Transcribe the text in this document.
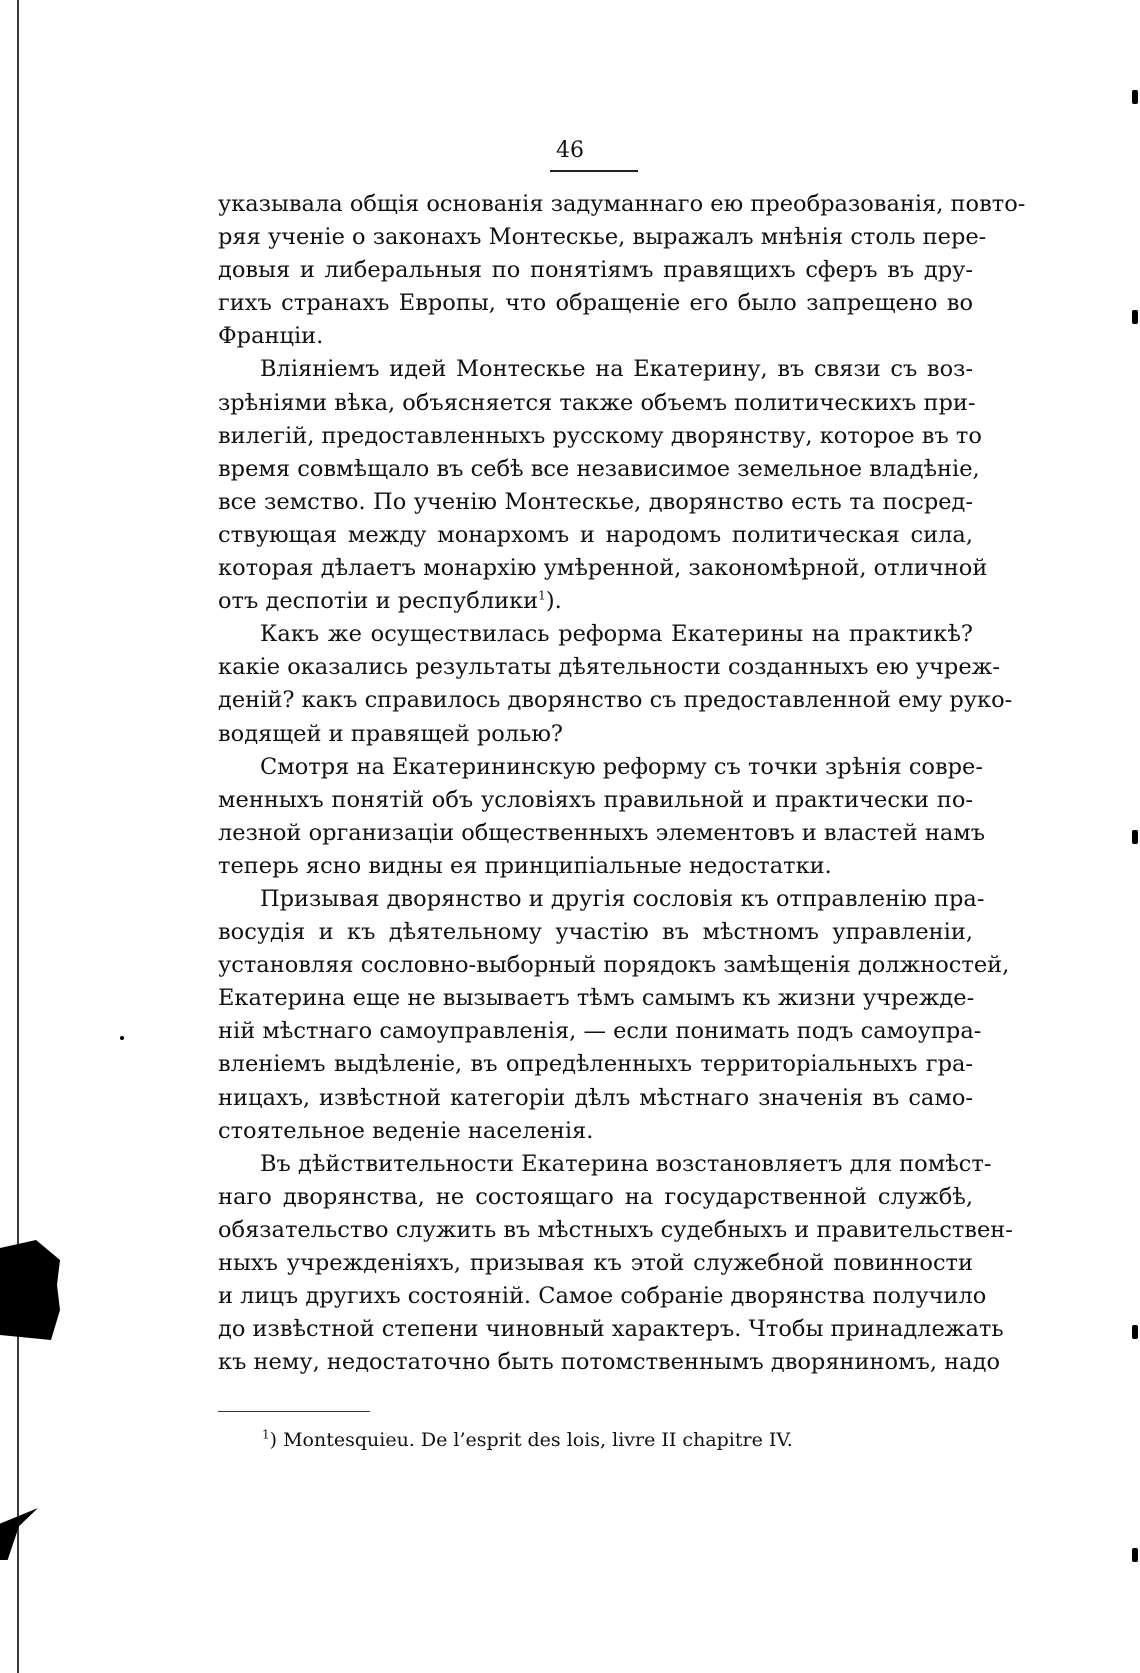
46
указывала общiя основанiя задуманнаго ею преобразованiя, повто-
ряя ученiе о законахъ Монтескье, выражалъ мнѣнiя столь пере-
довыя и либеральныя по понятiямъ правящихъ сферъ въ дру-
гихъ странахъ Европы, что обращенiе его было запрещено во
Францiи.
Влiянiемъ идей Монтескье на Екатерину, въ связи съ воз-
зрѣнiями вѣка, объясняется также объемъ политическихъ при-
вилегiй, предоставленныхъ русскому дворянству, которое въ то
время совмѣщало въ себѣ все независимое земельное владѣнiе,
все земство. По ученiю Монтескье, дворянство есть та посред-
ствующая между монархомъ и народомъ политическая сила,
которая дѣлаетъ монархiю умѣренной, закономѣрной, отличной
отъ деспотiи и республики$^1$).
Какъ же осуществилась реформа Екатерины на практикѣ?
какiе оказались результаты дѣятельности созданныхъ ею учреж-
денiй? какъ справилось дворянство съ предоставленной ему руко-
водящей и правящей ролью?
Смотря на Екатерининскую реформу съ точки зрѣнiя совре-
менныхъ понятiй объ условiяхъ правильной и практически по-
лезной организацiи общественныхъ элементовъ и властей намъ
теперь ясно видны ея принципiальные недостатки.
Призывая дворянство и другiя сословiя къ отправленiю пра-
восудiя и къ дѣятельному участiю въ мѣстномъ управленiи,
установляя сословно-выборный порядокъ замѣщенiя должностей,
Екатерина еще не вызываетъ тѣмъ самымъ къ жизни учрежде-
нiй мѣстнаго самоуправленiя, — если понимать подъ самоупра-
вленiемъ выдѣленiе, въ опредѣленныхъ территорiальныхъ гра-
ницахъ, извѣстной категорiи дѣлъ мѣстнаго значенiя въ само-
стоятельное веденiе населенiя.
Въ дѣйствительности Екатерина возстановляетъ для помѣст-
наго дворянства, не состоящаго на государственной службѣ,
обязательство служить въ мѣстныхъ судебныхъ и правительствен-
ныхъ учрежденiяхъ, призывая къ этой служебной повинности
и лицъ другихъ состоянiй. Самое собранiе дворянства получило
до извѣстной степени чиновный характеръ. Чтобы принадлежать
къ нему, недостаточно быть потомственнымъ дворяниномъ, надо
$^1$) Montesquieu. De l’esprit des lois, livre II chapitre IV.
